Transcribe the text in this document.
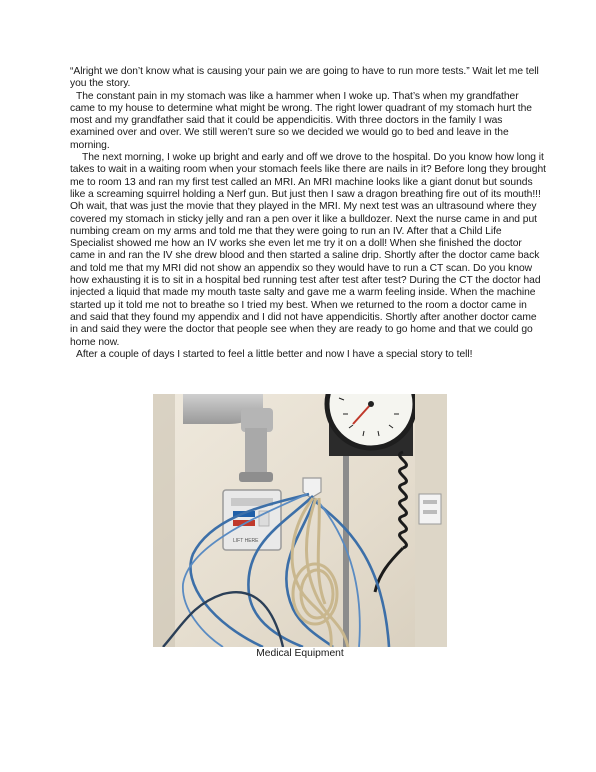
“Alright we don’t know what is causing your pain we are going to have to run more tests.” Wait let me tell you the story.

The constant pain in my stomach was like a hammer when I woke up. That’s when my grandfather came to my house to determine what might be wrong. The right lower quadrant of my stomach hurt the most and my grandfather said that it could be appendicitis. With three doctors in the family I was examined over and over. We still weren’t sure so we decided we would go to bed and leave in the morning.

The next morning, I woke up bright and early and off we drove to the hospital. Do you know how long it takes to wait in a waiting room when your stomach feels like there are nails in it? Before long they brought me to room 13 and ran my first test called an MRI. An MRI machine looks like a giant donut but sounds like a screaming squirrel holding a Nerf gun. But just then I saw a dragon breathing fire out of its mouth!!! Oh wait, that was just the movie that they played in the MRI. My next test was an ultrasound where they covered my stomach in sticky jelly and ran a pen over it like a bulldozer. Next the nurse came in and put numbing cream on my arms and told me that they were going to run an IV. After that a Child Life Specialist showed me how an IV works she even let me try it on a doll! When she finished the doctor came in and ran the IV she drew blood and then started a saline drip. Shortly after the doctor came back and told me that my MRI did not show an appendix so they would have to run a CT scan. Do you know how exhausting it is to sit in a hospital bed running test after test after test? During the CT the doctor had injected a liquid that made my mouth taste salty and gave me a warm feeling inside. When the machine started up it told me not to breathe so I tried my best. When we returned to the room a doctor came in and said that they found my appendix and I did not have appendicitis. Shortly after another doctor came in and said they were the doctor that people see when they are ready to go home and that we could go home now.

After a couple of days I started to feel a little better and now I have a special story to tell!

LIFT HERE
Medical Equipment
